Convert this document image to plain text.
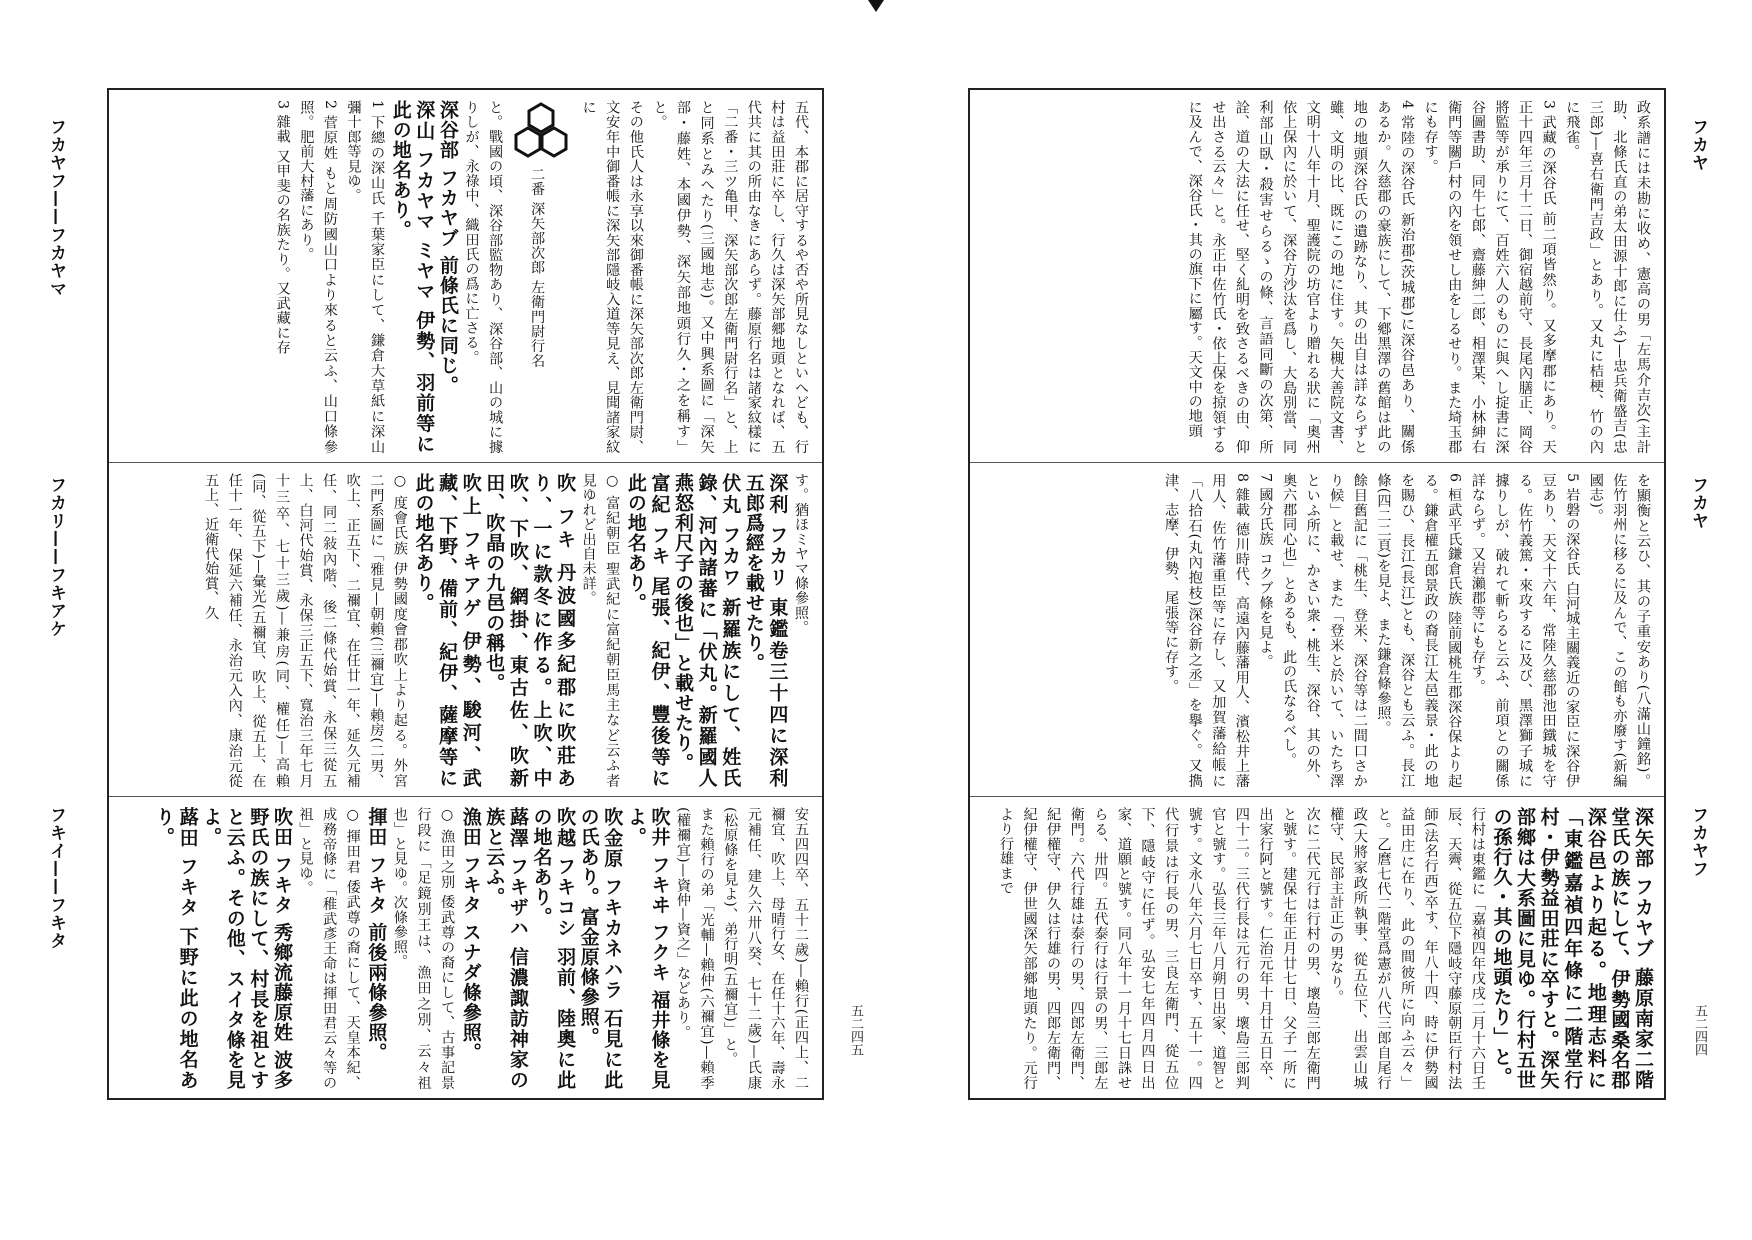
フカヤフ——フカヤマ
フカリ——フキアケ
フキイ——フキタ
五二四五
五代、本郡に居守するや否や所見なしといへども、行村は益田莊に卒し、行久は深矢部郷地頭となれば、五代共に其の所由なきにあらず。藤原行名は諸家紋樣に「二番・三ツ亀甲、深矢部次郎左衛門尉行名」と、上と同系とみへたり(三國地志)。又中興系圖に「深矢部・藤姓、本國伊勢、深矢部地頭行久・之を稱す」と。
その他氏人は永享以來御番帳に深矢部次郎左衛門尉、文安年中御番帳に深矢部隱岐入道等見え、見聞諸家紋に
二番 深矢部次郎 左衛門尉行名
と。戰國の頃、深谷部監物あり、深谷部、山の城に據りしが、永祿中、織田氏の爲に亡さる。
深谷部 フカヤブ 前條氏に同じ。
深山 フカヤマ ミヤマ 伊勢、羽前等に此の地名あり。
1 下總の深山氏 千葉家臣にして、鎌倉大草紙に深山彌十郎等見ゆ。
2 菅原姓 もと周防國山口より來ると云ふ、山口條參照。肥前大村藩にあり。
3 雜載 又甲斐の名族たり。又武藏に存
す。猶ほミヤマ條參照。
深利 フカリ 東鑑卷三十四に深利五郎爲經を載せたり。
伏丸 フカワ 新羅族にして、姓氏錄、河內諸蕃に「伏丸。新羅國人燕怒利尺子の後也」と載せたり。
富紀 フキ 尾張、紀伊、豐後等に此の地名あり。
○ 富紀朝臣 聖武紀に富紀朝臣馬主など云ふ者見ゆれど出自未詳。
吹 フキ 丹波國多紀郡に吹莊あり、一に款冬に作る。上吹、中吹、下吹、網掛、東古佐、吹新田、吹晶の九邑の稱也。
吹上 フキアゲ 伊勢、駿河、武藏、下野、備前、紀伊、薩摩等に此の地名あり。
○ 度會氏族 伊勢國度會郡吹上より起る。外宮二門系圖に「雅見—朝賴(三禰宜)—賴房(二男、吹上、正五下、二禰宜、在任廿一年、延久元補任、同二敍內階、後二條代始賞、永保三從五上、白河代始賞、永保三正五下、寬治三年七月十三卒、七十三歲)—兼房(同、權任)—高賴(同、從五下)—彙光(五禰宜、吹上、從五上、在任十一年、保延六補任、永治元入內、康治元從五上、近衛代始賞、久
安五四四卒、五十二歲)—賴行(正四上、二禰宜、吹上、母晴行女、在任十六年、壽永元補任、建久六卅八癸、七十二歲)—氏康(松原條を見よ)、弟行明(五禰宜)」と。
また賴行の弟「光輔—賴仲(六禰宜)—賴季(權禰宜)—資仲—資之」などあり。
吹井 フキヰ フクキ 福井條を見よ。
吹金原 フキカネハラ 石見に此の氏あり。富金原條參照。
吹越 フキコシ 羽前、陸奧に此の地名あり。
蕗澤 フキザハ 信濃諏訪神家の族と云ふ。
漁田 フキタ スナダ條參照。
○ 漁田之別 倭武尊の裔にして、古事記景行段に「足鏡別王は、漁田之別、云々祖也」と見ゆ。次條參照。
揮田 フキタ 前後兩條參照。
○ 揮田君 倭武尊の裔にして、天皇本紀、成務帝條に「稚武彥王命は揮田君云々等の祖」と見ゆ。
吹田 フキタ 秀鄉流藤原姓 波多野氏の族にして、村長を祖とすと云ふ。その他、スイタ條を見よ。
蕗田 フキタ 下野に此の地名あり。
フカヤ
フカヤ
フカヤフ
五二四四
政系譜には未勘に收め、憲高の男「左馬介吉次(主計助、北條氏直の弟太田源十郎に仕ふ)—忠兵衛盛吉(忠三郎)—喜右衛門吉政」とあり。又丸に桔梗、竹の內に飛雀。
3 武藏の深谷氏 前二項皆然り。又多摩郡にあり。天正十四年三月十二日、御宿越前守、長尾內膳正、岡谷將監等が承りにて、百姓六人のものに與へし掟書に深谷圖書助、同牛七郎、齋藤紳二郎、相澤某、小林紳右衛門等關戶村の內を領せし由をしるせり。また埼玉郡にも存す。
4 常陸の深谷氏 新治郡(茨城郡)に深谷邑あり、關係あるか。久慈郡の豪族にして、下鄕黑澤の舊館は此の地の地頭深谷氏の遺跡なり、其の出自は詳ならずと雖、文明の比、既にこの地に住す。矢槻大善院文書、文明十八年十月、聖護院の坊官より贈れる狀に「奧州依上保內に於いて、深谷方沙汰を爲し、大島別當、同利部山臥・殺害せらるゝの條、言語同斷の次第、所詮、道の大法に任せ、堅く糺明を致さるべきの由、仰せ出さる云々」と。永正中佐竹氏・依上保を掠領するに及んで、深谷氏・其の旗下に屬す。天文中の地頭
を顯衡と云ひ、其の子重安あり(八滿山鐘銘)。佐竹羽州に移るに及んで、この館も亦廢す(新編國志)。
5 岩磐の深谷氏 白河城主關義近の家臣に深谷伊豆あり、天文十六年、常陸久慈郡池田鐵城を守る。佐竹義篤・來攻するに及び、黑澤獅子城に據りしが、破れて斬らると云ふ、前項との關係詳ならず。又岩瀨郡等にも存す。
6 桓武平氏鎌倉氏族 陸前國桃生郡深谷保より起る。鎌倉權五郎景政の裔長江太邑義景・此の地を賜ひ、長江(長江)とも、深谷とも云ふ。長江條(四二二頁)を見よ、また鎌倉條參照。
餘目舊記に「桃生、登米、深谷等は二間口さかり候」と載せ、また「登米と於いて、いたち澤といふ所に、かさい衆・桃生、深谷、其の外、奧六郡同心也」とあるも、此の氏なるべし。
7 國分氏族 コクブ條を見よ。
8 雜載 德川時代、高遠內藤藩用人、濱松井上藩用人、佐竹藩重臣等に存し、又加賀藩給帳に「八拾石(丸內抱枝)深谷新之丞」を擧ぐ。又擕津、志摩、伊勢、尾張等に存す。
深矢部 フカヤブ 藤原南家二階堂氏の族にして、伊勢國桑名郡深谷邑より起る。地理志料に「東鑑嘉禎四年條に二階堂行村・伊勢益田莊に卒すと。深矢部鄉は大系圖に見ゆ。行村五世の孫行久・其の地頭たり」と。
行村は東鑑に「嘉禎四年戊戌二月十六日壬辰、天霽、從五位下隱岐守藤原朝臣行村法師(法名行西)卒す、年八十四、時に伊勢國益田庄に在り、此の間彼所に向ふ云々」と。乙麿七代二階堂爲憲が八代三郎自尾行政(大將家政所執事、從五位下、出雲山城權守、民部主計正)の男なり。
次に二代元行は行村の男、壞島三郎左衛門と號す。建保七年正月廿七日、父子一所に出家行阿と號す。仁治元年十月廿五日卒、四十二。三代行長は元行の男、壞島三郎判官と號す。弘長三年八月朔日出家、道智と號す。文永八年六月七日卒す、五十一。四代行景は行長の男、三良左衛門、從五位下、隱岐守に任ず。弘安七年四月四日出家、道願と號す。同八年十一月十七日誅せらる、卅四。五代泰行は行景の男、三郎左衛門。六代行雄は泰行の男、四郎左衛門、紀伊權守、伊久は行雄の男、四郎左衛門、紀伊權守、伊世國深矢部鄉地頭たり。元行より行雄まで
